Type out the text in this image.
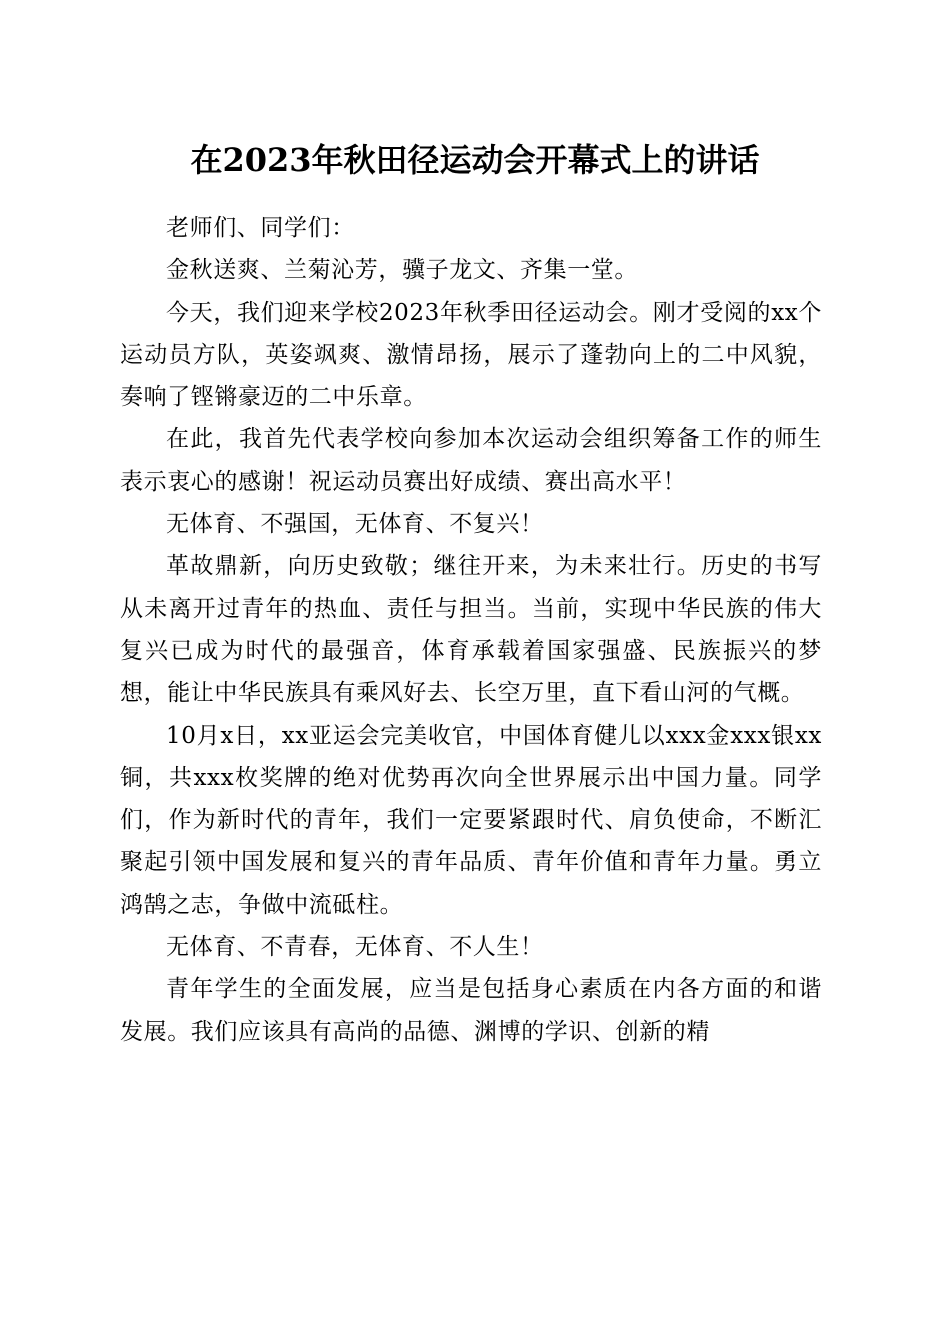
在2023年秋田径运动会开幕式上的讲话

老师们、同学们：

金秋送爽、兰菊沁芳，骥子龙文、齐集一堂。

今天，我们迎来学校2023年秋季田径运动会。刚才受阅的xx个运动员方队，英姿飒爽、激情昂扬，展示了蓬勃向上的二中风貌，奏响了铿锵豪迈的二中乐章。

在此，我首先代表学校向参加本次运动会组织筹备工作的师生表示衷心的感谢！祝运动员赛出好成绩、赛出高水平！

无体育、不强国，无体育、不复兴！

革故鼎新，向历史致敬；继往开来，为未来壮行。历史的书写从未离开过青年的热血、责任与担当。当前，实现中华民族的伟大复兴已成为时代的最强音，体育承载着国家强盛、民族振兴的梦想，能让中华民族具有乘风好去、长空万里，直下看山河的气概。

10月x日，xx亚运会完美收官，中国体育健儿以xxx金xxx银xx铜，共xxx枚奖牌的绝对优势再次向全世界展示出中国力量。同学们，作为新时代的青年，我们一定要紧跟时代、肩负使命，不断汇聚起引领中国发展和复兴的青年品质、青年价值和青年力量。勇立鸿鹄之志，争做中流砥柱。

无体育、不青春，无体育、不人生！

青年学生的全面发展，应当是包括身心素质在内各方面的和谐发展。我们应该具有高尚的品德、渊博的学识、创新的精
